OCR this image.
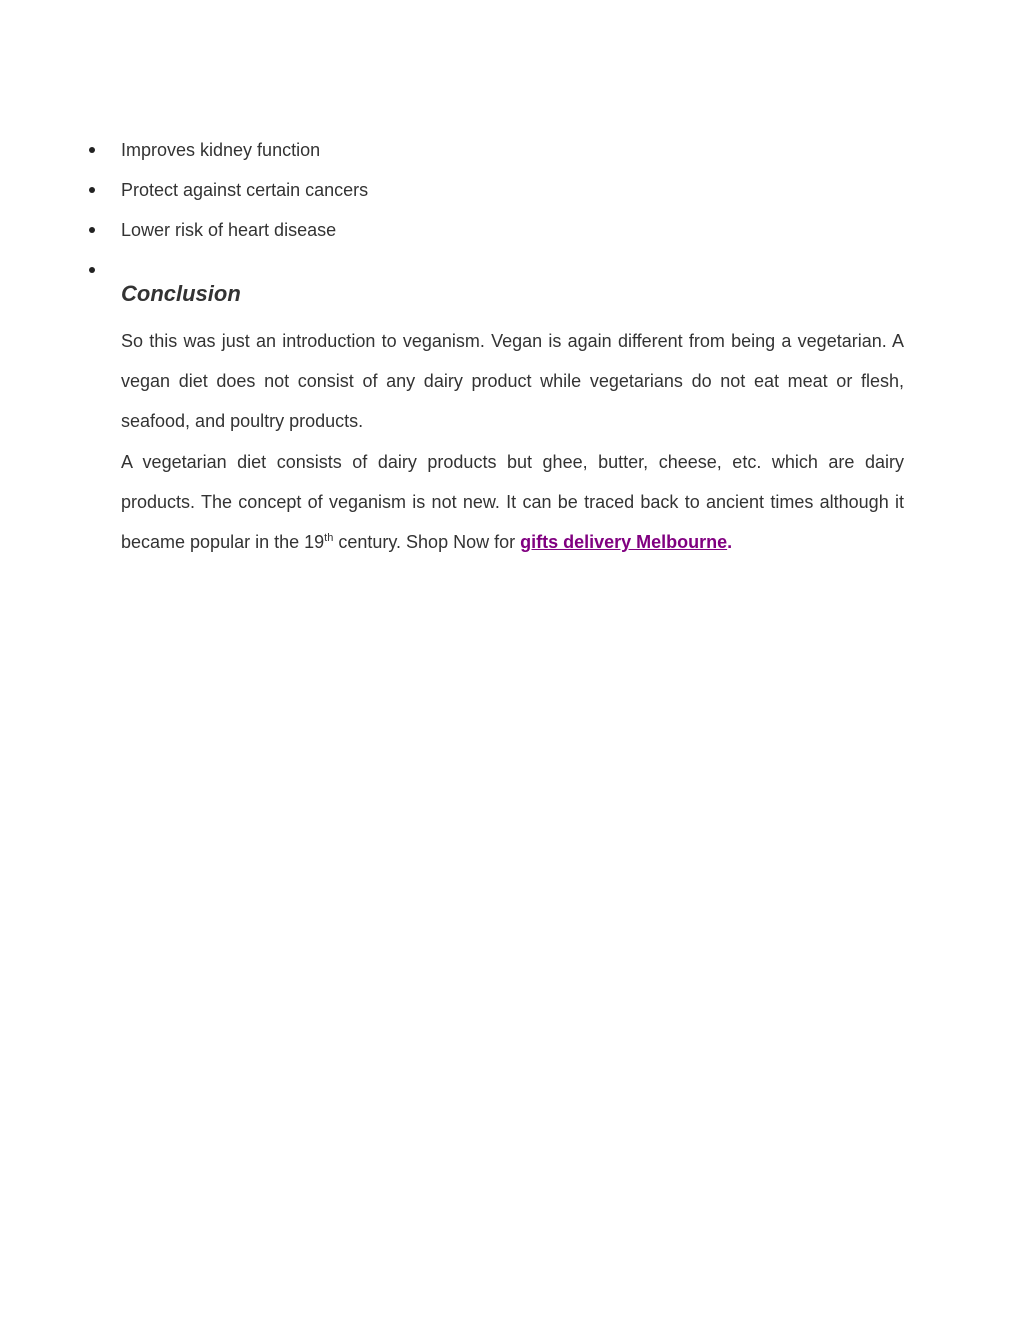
Improves kidney function
Protect against certain cancers
Lower risk of heart disease
Conclusion

So this was just an introduction to veganism. Vegan is again different from being a vegetarian. A vegan diet does not consist of any dairy product while vegetarians do not eat meat or flesh, seafood, and poultry products.

A vegetarian diet consists of dairy products but ghee, butter, cheese, etc. which are dairy products. The concept of veganism is not new. It can be traced back to ancient times although it became popular in the 19th century. Shop Now for gifts delivery Melbourne.
